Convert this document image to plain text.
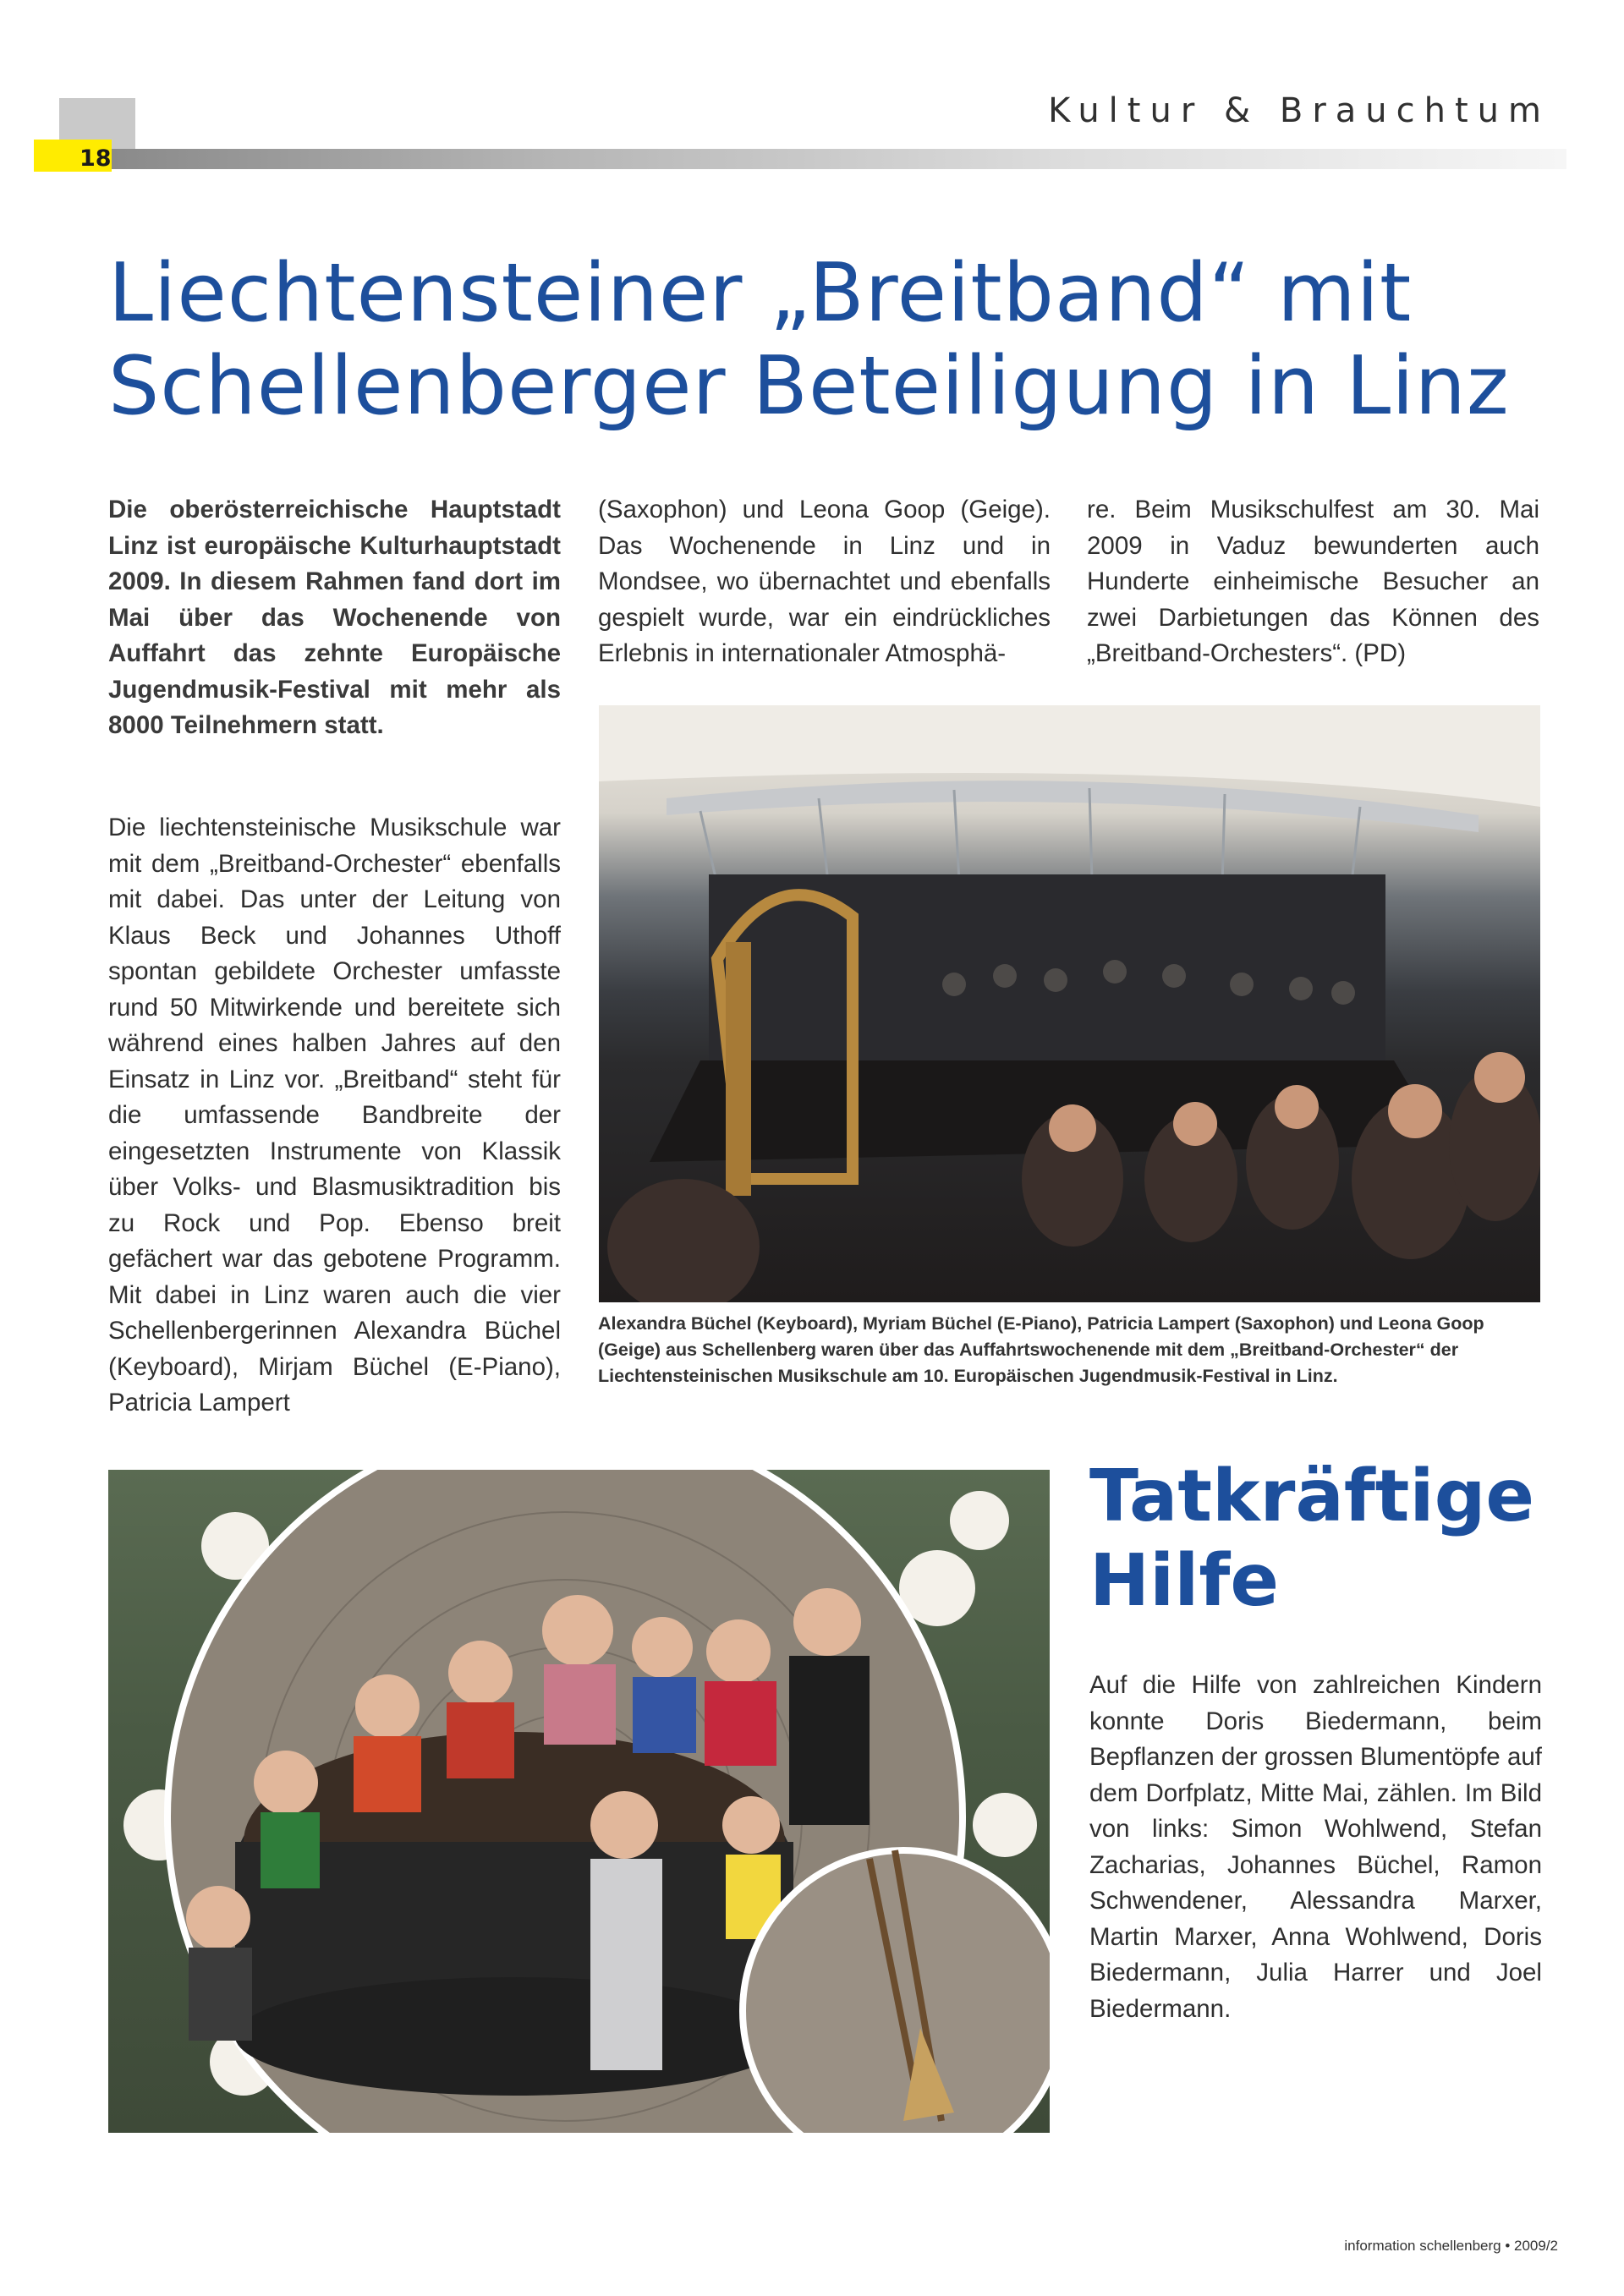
18
Kultur & Brauchtum
Liechtensteiner „Breitband“ mit
Schellenberger Beteiligung in Linz

Die oberösterreichische Hauptstadt Linz ist europäische Kulturhauptstadt 2009. In diesem Rahmen fand dort im Mai über das Wochenende von Auffahrt das zehnte Europäische Jugendmusik-Festival mit mehr als 8000 Teilnehmern statt.

Die liechtensteinische Musikschule war mit dem „Breitband-Orchester“ ebenfalls mit dabei. Das unter der Leitung von Klaus Beck und Johannes Uthoff spontan gebildete Orchester umfasste rund 50 Mitwirkende und bereitete sich während eines halben Jahres auf den Einsatz in Linz vor. „Breitband“ steht für die umfassende Bandbreite der eingesetzten Instrumente von Klassik über Volks- und Blasmusiktradition bis zu Rock und Pop. Ebenso breit gefächert war das gebotene Programm. Mit dabei in Linz waren auch die vier Schellenbergerinnen Alexandra Büchel (Keyboard), Mirjam Büchel (E-Piano), Patricia Lampert

(Saxophon) und Leona Goop (Geige). Das Wochenende in Linz und in Mondsee, wo übernachtet und ebenfalls gespielt wurde, war ein eindrückliches Erlebnis in internationaler Atmosphä-

re. Beim Musikschulfest am 30. Mai 2009 in Vaduz bewunderten auch Hunderte einheimische Besucher an zwei Darbietungen das Können des „Breitband-Orchesters“. (PD)

Alexandra Büchel (Keyboard), Myriam Büchel (E-Piano), Patricia Lampert (Saxophon) und Leona Goop (Geige) aus Schellenberg waren über das Auffahrtswochenende mit dem „Breitband-Orchester“ der Liechtensteinischen Musikschule am 10. Europäischen Jugendmusik-Festival in Linz.
Tatkräftige
Hilfe

Auf die Hilfe von zahlreichen Kindern konnte Doris Biedermann, beim Bepflanzen der grossen Blumentöpfe auf dem Dorfplatz, Mitte Mai, zählen. Im Bild von links: Simon Wohlwend, Stefan Zacharias, Johannes Büchel, Ramon Schwendener, Alessandra Marxer, Martin Marxer, Anna Wohlwend, Doris Biedermann, Julia Harrer und Joel Biedermann.

information schellenberg • 2009/2
